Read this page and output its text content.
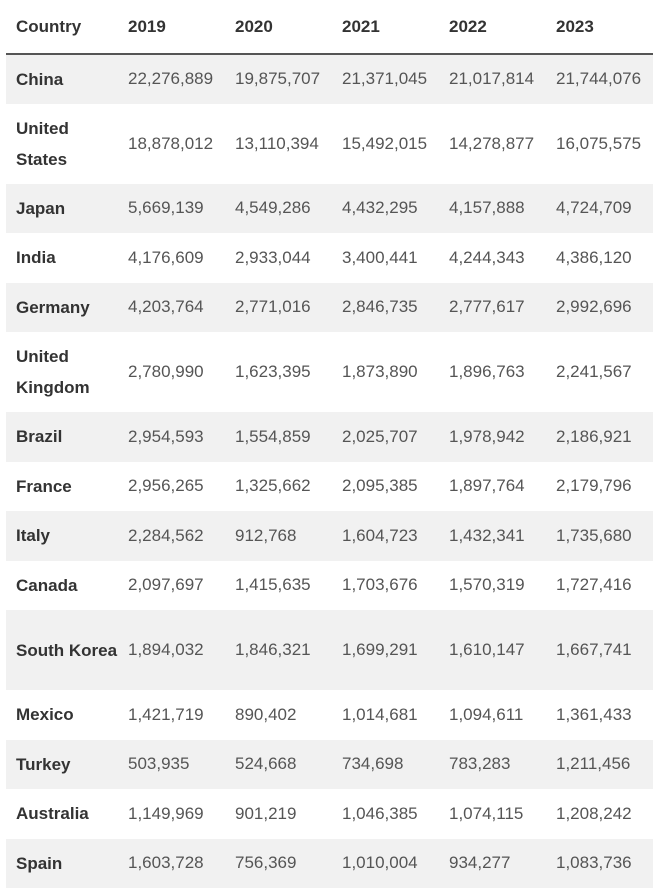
Country	2019	2020	2021	2022	2023
China	22,276,889	19,875,707	21,371,045	21,017,814	21,744,076
United States	18,878,012	13,110,394	15,492,015	14,278,877	16,075,575
Japan	5,669,139	4,549,286	4,432,295	4,157,888	4,724,709
India	4,176,609	2,933,044	3,400,441	4,244,343	4,386,120
Germany	4,203,764	2,771,016	2,846,735	2,777,617	2,992,696
United Kingdom	2,780,990	1,623,395	1,873,890	1,896,763	2,241,567
Brazil	2,954,593	1,554,859	2,025,707	1,978,942	2,186,921
France	2,956,265	1,325,662	2,095,385	1,897,764	2,179,796
Italy	2,284,562	912,768	1,604,723	1,432,341	1,735,680
Canada	2,097,697	1,415,635	1,703,676	1,570,319	1,727,416
South Korea	1,894,032	1,846,321	1,699,291	1,610,147	1,667,741
Mexico	1,421,719	890,402	1,014,681	1,094,611	1,361,433
Turkey	503,935	524,668	734,698	783,283	1,211,456
Australia	1,149,969	901,219	1,046,385	1,074,115	1,208,242
Spain	1,603,728	756,369	1,010,004	934,277	1,083,736
